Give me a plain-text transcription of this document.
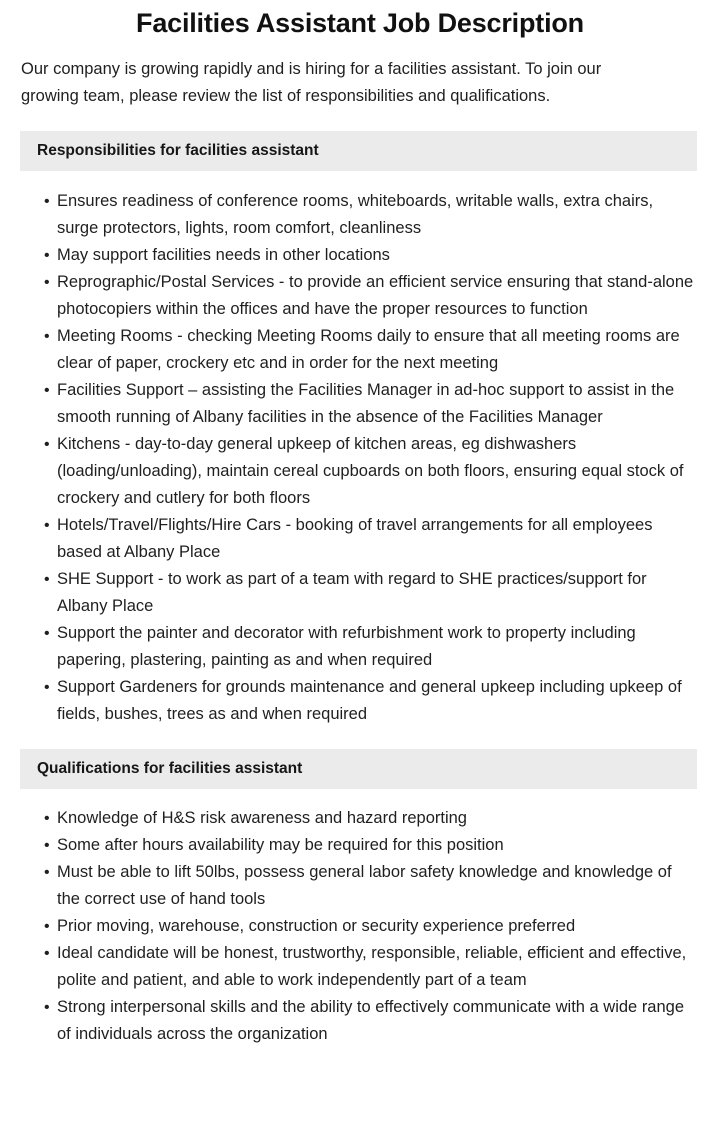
Facilities Assistant Job Description

Our company is growing rapidly and is hiring for a facilities assistant. To join our growing team, please review the list of responsibilities and qualifications.

Responsibilities for facilities assistant
• Ensures readiness of conference rooms, whiteboards, writable walls, extra chairs, surge protectors, lights, room comfort, cleanliness
• May support facilities needs in other locations
• Reprographic/Postal Services - to provide an efficient service ensuring that stand-alone photocopiers within the offices and have the proper resources to function
• Meeting Rooms - checking Meeting Rooms daily to ensure that all meeting rooms are clear of paper, crockery etc and in order for the next meeting
• Facilities Support – assisting the Facilities Manager in ad-hoc support to assist in the smooth running of Albany facilities in the absence of the Facilities Manager
• Kitchens - day-to-day general upkeep of kitchen areas, eg dishwashers (loading/unloading), maintain cereal cupboards on both floors, ensuring equal stock of crockery and cutlery for both floors
• Hotels/Travel/Flights/Hire Cars - booking of travel arrangements for all employees based at Albany Place
• SHE Support - to work as part of a team with regard to SHE practices/support for Albany Place
• Support the painter and decorator with refurbishment work to property including papering, plastering, painting as and when required
• Support Gardeners for grounds maintenance and general upkeep including upkeep of fields, bushes, trees as and when required
Qualifications for facilities assistant
• Knowledge of H&S risk awareness and hazard reporting
• Some after hours availability may be required for this position
• Must be able to lift 50lbs, possess general labor safety knowledge and knowledge of the correct use of hand tools
• Prior moving, warehouse, construction or security experience preferred
• Ideal candidate will be honest, trustworthy, responsible, reliable, efficient and effective, polite and patient, and able to work independently part of a team
• Strong interpersonal skills and the ability to effectively communicate with a wide range of individuals across the organization
